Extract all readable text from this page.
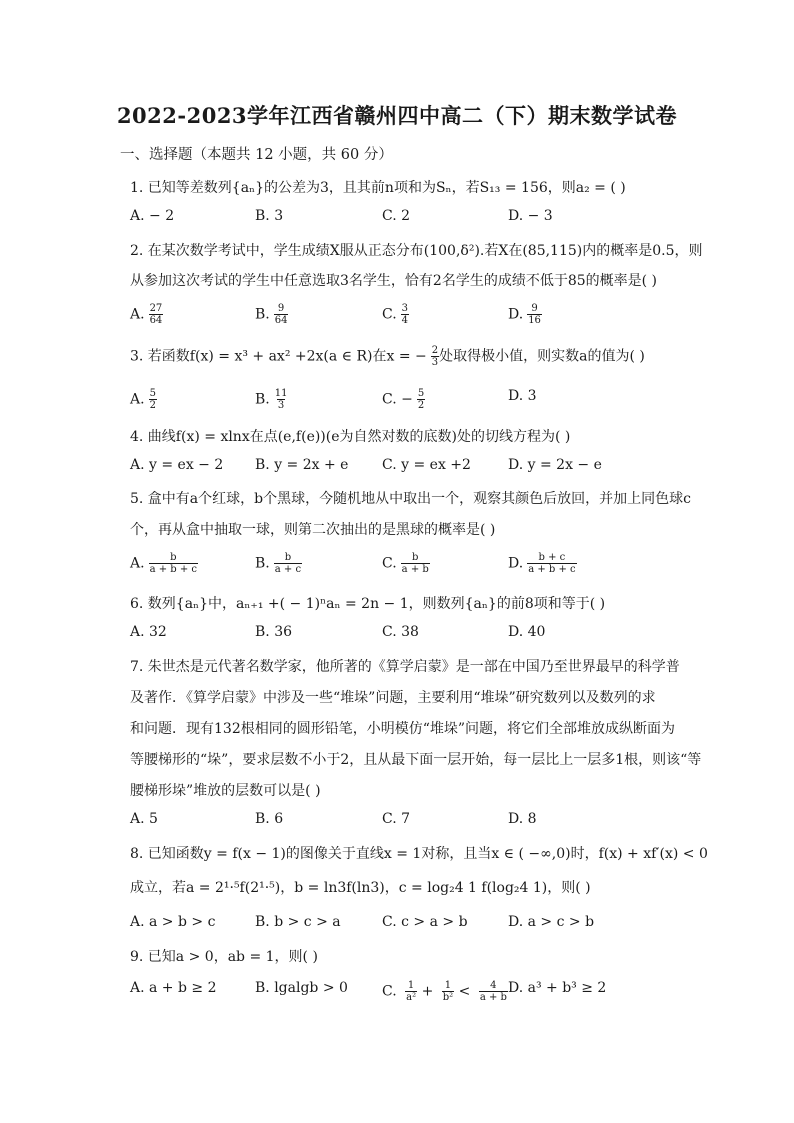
2022-2023学年江西省赣州四中高二（下）期末数学试卷
一、选择题（本题共 12 小题，共 60 分）
1. 已知等差数列{aₙ}的公差为3，且其前n项和为Sₙ，若S₁₃ = 156，则a₂ = ( )
A. − 2	B. 3	C. 2	D. − 3
2. 在某次数学考试中，学生成绩X服从正态分布(100,δ²).若X在(85,115)内的概率是0.5，则
从参加这次考试的学生中任意选取3名学生，恰有2名学生的成绩不低于85的概率是( )
A. $\frac{27}{64}$	B. $\frac{9}{64}$	C. $\frac{3}{4}$	D. $\frac{9}{16}$
3. 若函数f(x) = x³ + ax² +2x(a ∈ R)在x = − $\frac{2}{3}$ 处取得极小值，则实数a的值为( )
A. $\frac{5}{2}$	B. $\frac{11}{3}$	C. − $\frac{5}{2}$	D. 3
4. 曲线f(x) = xlnx在点(e,f(e))(e为自然对数的底数)处的切线方程为( )
A. y = ex − 2 B. y = 2x + e C. y = ex +2	D. y = 2x − e
5. 盒中有a个红球，b个黑球，今随机地从中取出一个，观察其颜色后放回，并加上同色球c
个，再从盒中抽取一球，则第二次抽出的是黑球的概率是( )
A. $\frac{b}{a + b + c}$	B. $\frac{b}{a + c}$	C. $\frac{b}{a + b}$	D. $\frac{b + c}{a + b + c}$
6. 数列{aₙ}中，aₙ₊₁ +( − 1)ⁿaₙ = 2n − 1，则数列{aₙ}的前8项和等于( )
A. 32	B. 36	C. 38	D. 40
7. 朱世杰是元代著名数学家，他所著的《算学启蒙》是一部在中国乃至世界最早的科学普
及著作．《算学启蒙》中涉及一些“堆垛”问题，主要利用“堆垛”研究数列以及数列的求
和问题．现有132根相同的圆形铅笔，小明模仿“堆垛”问题，将它们全部堆放成纵断面为
等腰梯形的“垛”，要求层数不小于2，且从最下面一层开始，每一层比上一层多1根，则该“等
腰梯形垛”堆放的层数可以是( )
A. 5	B. 6	C. 7	D. 8
8. 已知函数y = f(x − 1)的图像关于直线x = 1对称，且当x ∈ ( −∞,0)时，f(x) + xf′(x) < 0
成立，若a = 2¹·⁵f(2¹·⁵)，b = ln3f(ln3)，c = log₂4 1 f(log₂4 1)，则( )
A. a > b > c	B. b > c > a	C. c > a > b	D. a > c > b
9. 已知a > 0，ab = 1，则( )
A. a + b ≥ 2	B. lgalgb > 0 C. $\frac{1}{\text{a²}} + \frac{1}{\text{b²}} < \frac{4}{a + b} D$. a³ + b³ ≥ 2
